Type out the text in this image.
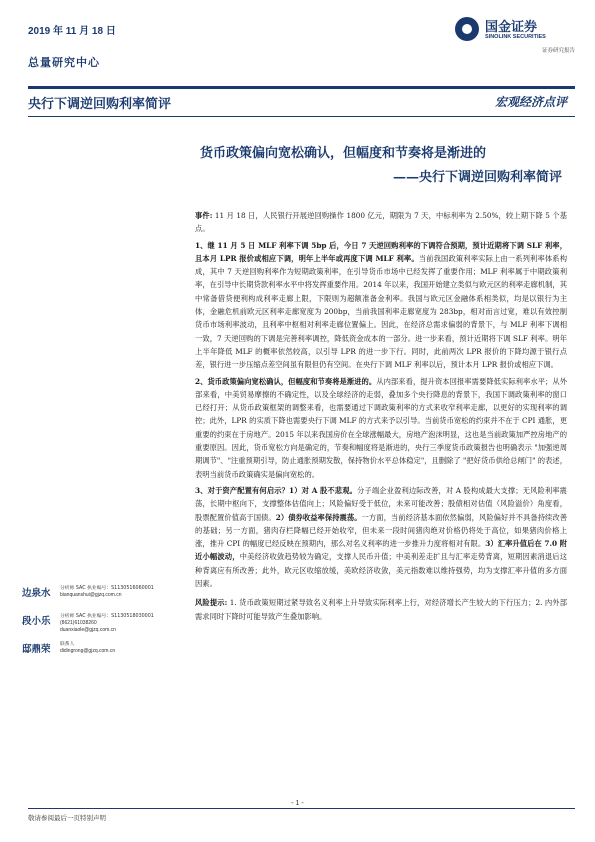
2019 年 11 月 18 日
总量研究中心
国金证券
SINOLINK SECURITIES
证券研究报告
央行下调逆回购利率简评	宏观经济点评
货币政策偏向宽松确认，但幅度和节奏将是渐进的
——央行下调逆回购利率简评

事件: 11 月 18 日，人民银行开展逆回购操作 1800 亿元，期限为 7 天，中标利率为 2.50%，较上期下降 5 个基点。

1、继 11 月 5 日 MLF 利率下调 5bp 后，今日 7 天逆回购利率的下调符合预期，预计近期将下调 SLF 利率，且本月 LPR 报价或相应下调，明年上半年或再度下调 MLF 利率。当前我国政策利率实际上由一系列利率体系构成，其中 7 天逆回购利率作为短期政策利率，在引导货币市场中已经发挥了重要作用；MLF 利率属于中期政策利率，在引导中长期贷款利率水平中将发挥重要作用。2014 年以来，我国开始建立类似与欧元区的利率走廊机制，其中常备借贷便利构成利率走廊上限，下限则为超额准备金利率。我国与欧元区金融体系相类似，均是以银行为主体，金融危机前欧元区利率走廊宽度为 200bp，当前我国利率走廊宽度为 283bp，相对而言过宽，难以有效控制货币市场利率波动，且利率中枢相对利率走廊位置偏上。因此，在经济总需求偏弱的背景下，与 MLF 利率下调相一致，7 天逆回购的下调是完善利率调控，降低资金成本的一部分。进一步来看，预计近期将下调 SLF 利率。明年上半年降低 MLF 的概率依然较高，以引导 LPR 的进一步下行。同时，此前两次 LPR 报价的下降均源于银行点差，银行进一步压缩点差空间虽有限但仍有空间。在央行下调 MLF 利率以后，预计本月 LPR 报价或相应下调。

2、货币政策偏向宽松确认，但幅度和节奏将是渐进的。从内部来看，提升资本回报率需要降低实际利率水平；从外部来看，中美贸易摩擦的不确定性，以及全球经济的走弱，叠加多个央行降息的背景下，我国下调政策利率的窗口已经打开；从货币政策框架的调整来看，也需要通过下调政策利率的方式来收窄利率走廊，以更好的实现利率的调控；此外，LPR 的实质下降也需要央行下调 MLF 的方式来予以引导。当前货币宽松的约束并不在于 CPI 通胀，更重要的约束在于房地产。2015 年以来我国房价在全球涨幅最大，房地产泡沫明显，这也是当前政策加严控房地产的重要原因。因此，货币宽松方向是确定的，节奏和幅度将是渐进的，央行三季度货币政策报告也明确表示 "加强逆周期调节"、"注重预期引导，防止通胀预期发散，保持物价水平总体稳定"，且删除了 "把好货币供给总闸门" 的表述，表明当前货币政策确实是偏向宽松的。

3、对于资产配置有何启示？1）对 A 股不悲观。分子端企业盈利边际改善，对 A 股构成最大支撑；无风险利率震荡，长期中枢向下，支撑整体估值向上；风险偏好受于低位，未来可能改善；股债相对估值（风险溢价）角度看，股票配置价值高于国债。2）债券收益率保持震荡。一方面，当前经济基本面依然偏弱，风险偏好并不具备持续改善的基础；另一方面，猪肉存栏降幅已经开始收窄，但未来一段时间猪肉绝对价格仍将处于高位，如果猪肉价格上涨，推升 CPI 的幅度已经反映在预期内，那么对名义利率的进一步推升力度将相对有限。3）汇率升值后在 7.0 附近小幅波动，中美经济收敛趋势较为确定，支撑人民币升值；中美利差走扩且与汇率走势背离，短期因素消退后这种背离应有所改善；此外，欧元区收缩放缓，美欧经济收敛，美元指数难以维持强势，均为支撑汇率升值的多方面因素。

风险提示: 1. 货币政策短期过紧导致名义利率上升导致实际利率上行，对经济增长产生较大的下行压力；2. 内外部需求同时下降时可能导致产生叠加影响。

边泉水 分析师 SAC 执业编号：S1130516060001
bianquanshui@gjzq.com.cn
段小乐 分析师 SAC 执业编号：S1130518030001
(8621)61038260
duanxiaole@gjzq.com.cn
邸鼎荣 联系人
didingrong@gjzq.com.cn
- 1 -
敬请参阅最后一页特别声明
